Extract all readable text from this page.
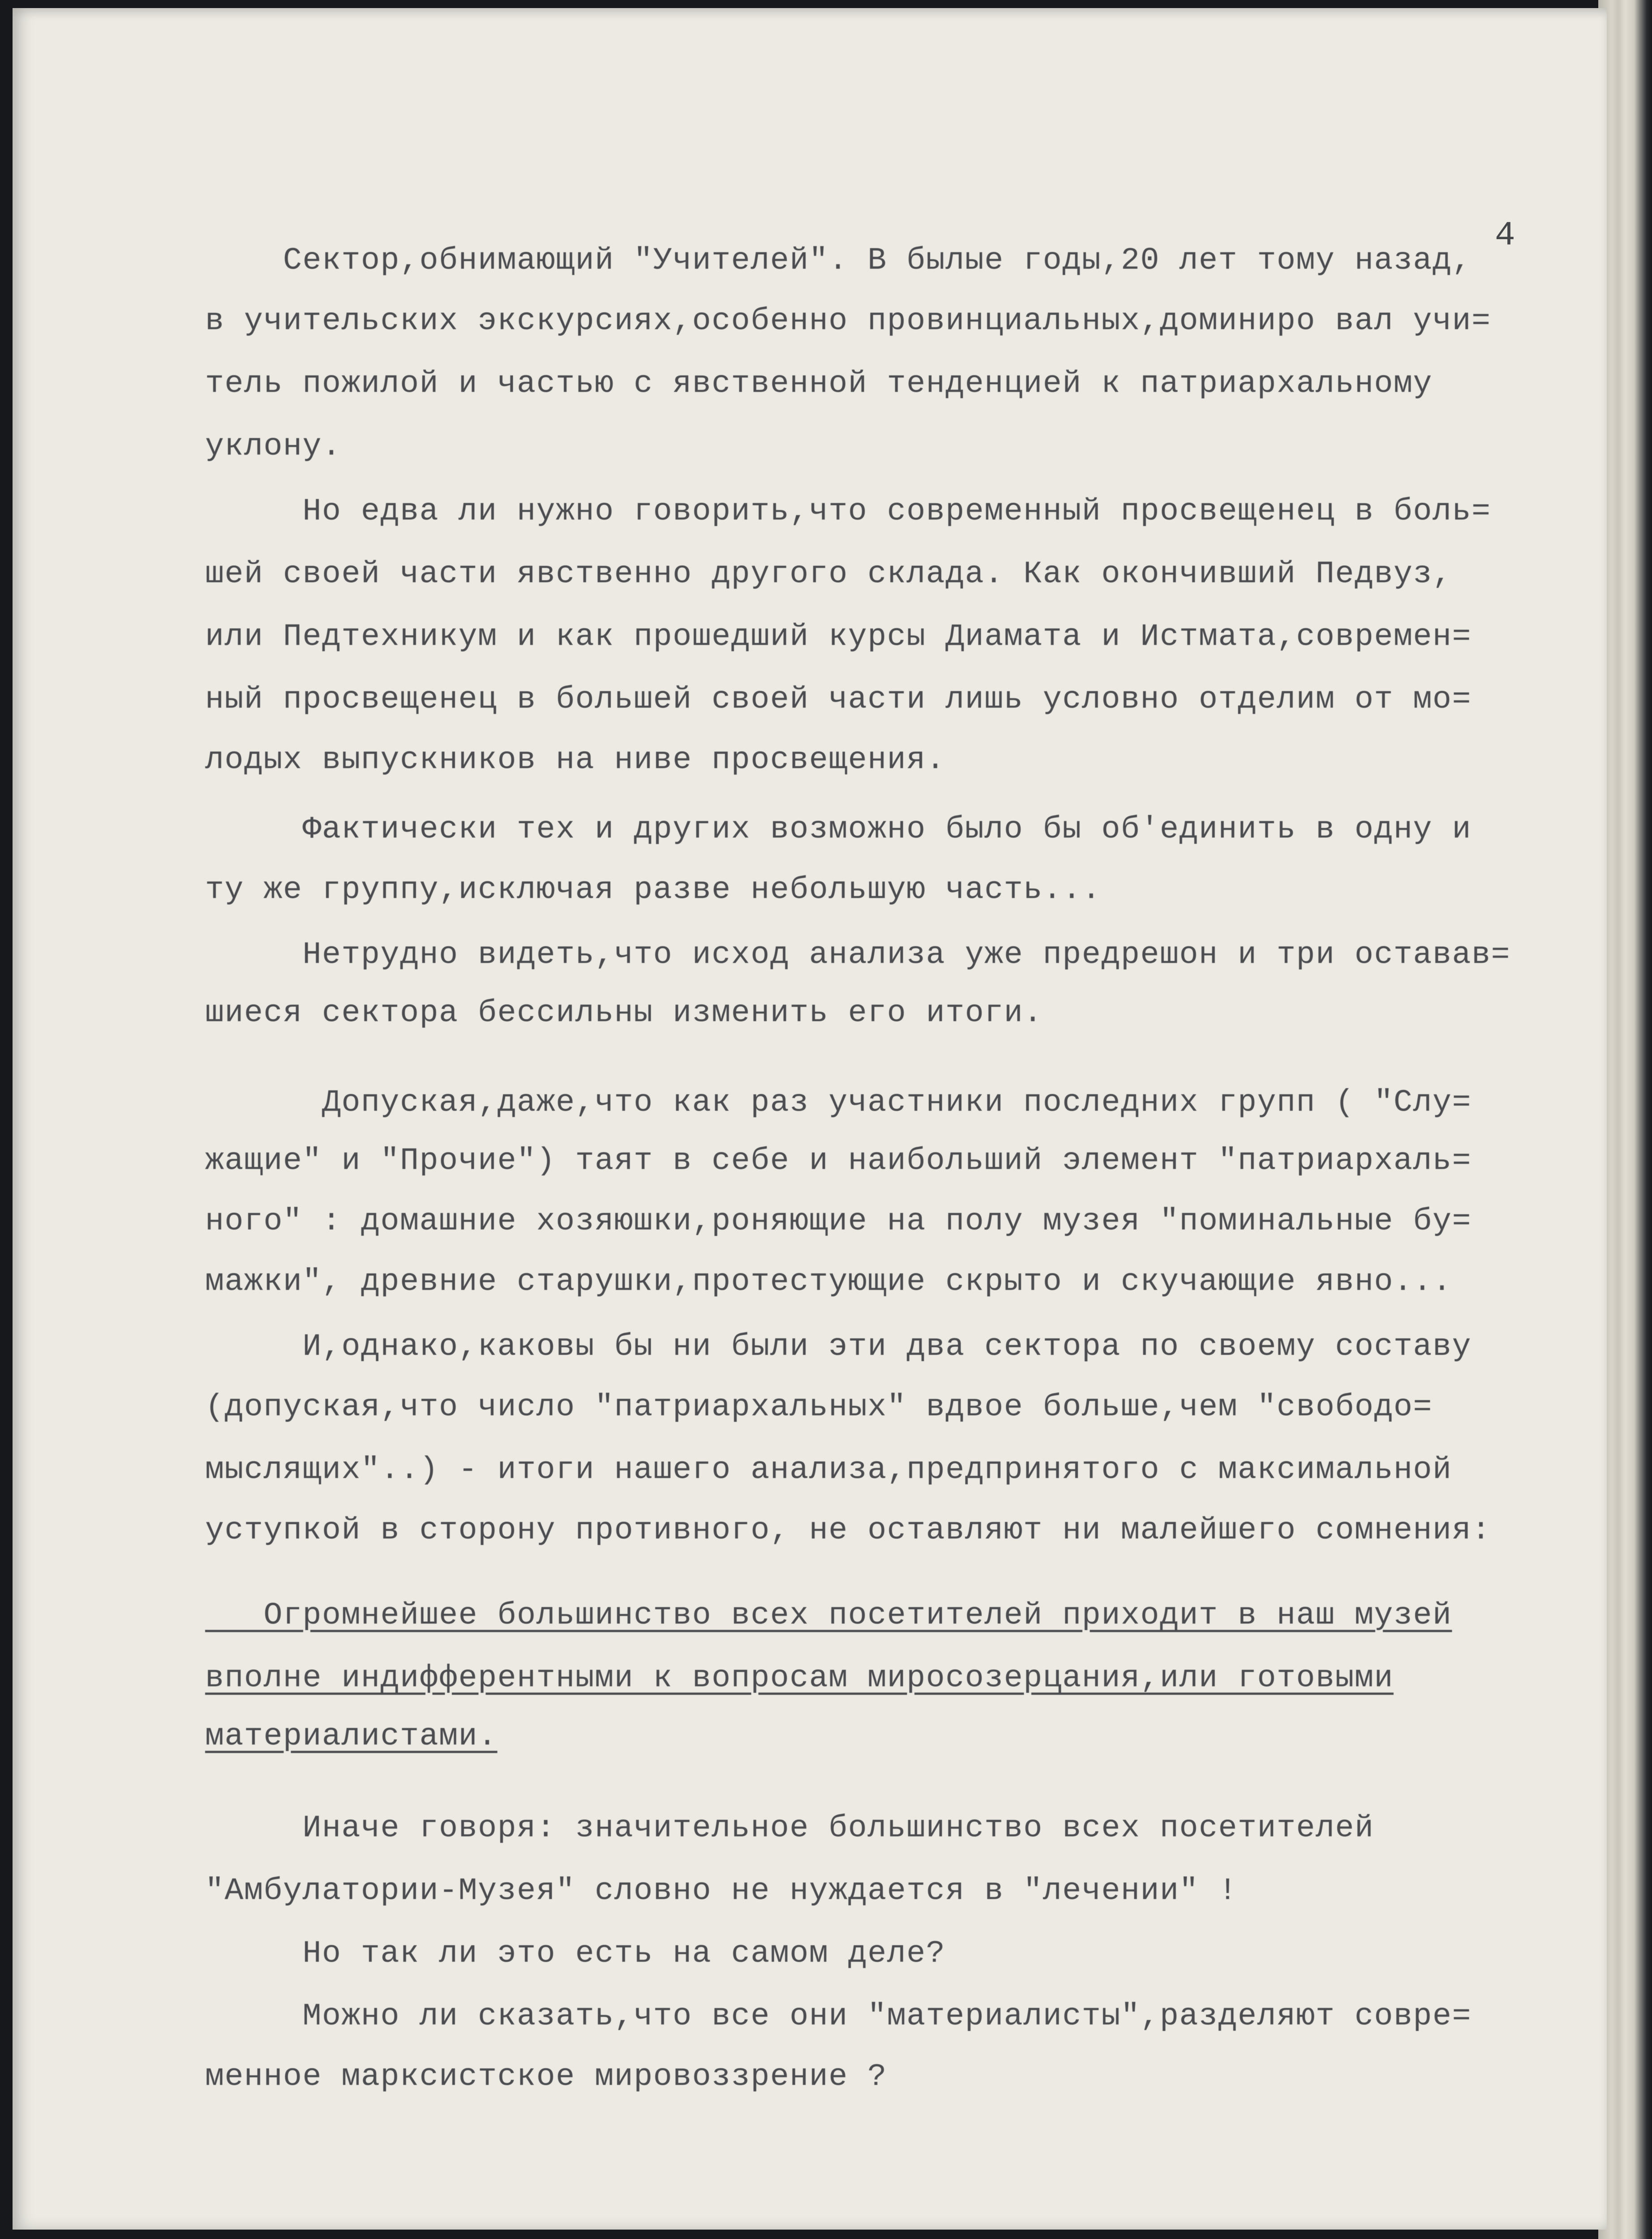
4
Сектор,обнимающий "Учителей". В былые годы,20 лет тому назад,
в учительских экскурсиях,особенно провинциальных,доминиро вал учи=
тель пожилой и частью с явственной тенденцией к патриархальному
уклону.
Но едва ли нужно говорить,что современный просвещенец в боль=
шей своей части явственно другого склада. Как окончивший Педвуз,
или Педтехникум и как прошедший курсы Диамата и Истмата,современ=
ный просвещенец в большей своей части лишь условно отделим от мо=
лодых выпускников на ниве просвещения.
Фактически тех и других возможно было бы об'единить в одну и
ту же группу,исключая разве небольшую часть...
Нетрудно видеть,что исход анализа уже предрешон и три оставав=
шиеся сектора бессильны изменить его итоги.
Допуская,даже,что как раз участники последних групп ( "Слу=
жащие" и "Прочие") таят в себе и наибольший элемент "патриархаль=
ного" : домашние хозяюшки,роняющие на полу музея "поминальные бу=
мажки", древние старушки,протестующие скрыто и скучающие явно...
И,однако,каковы бы ни были эти два сектора по своему составу
(допуская,что число "патриархальных" вдвое больше,чем "свободо=
мыслящих"..) - итоги нашего анализа,предпринятого с максимальной
уступкой в сторону противного, не оставляют ни малейшего сомнения:
Огромнейшее большинство всех посетителей приходит в наш музей
вполне индифферентными к вопросам миросозерцания,или готовыми
материалистами.
Иначе говоря: значительное большинство всех посетителей
"Амбулатории-Музея" словно не нуждается в "лечении" !
Но так ли это есть на самом деле?
Можно ли сказать,что все они "материалисты",разделяют совре=
менное марксистское мировоззрение ?
